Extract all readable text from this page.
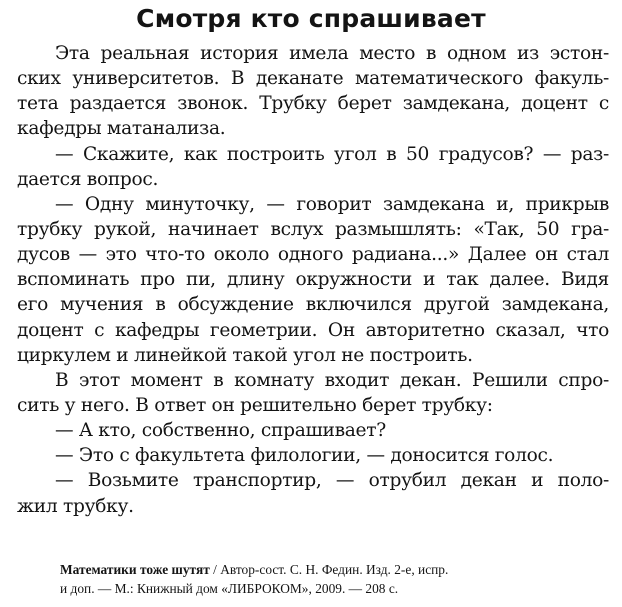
Смотря кто спрашивает
Эта реальная история имела место в одном из эстон-
ских университетов. В деканате математического факуль-
тета раздается звонок. Трубку берет замдекана, доцент с
кафедры матанализа.
— Скажите, как построить угол в 50 градусов? — раз-
дается вопрос.
— Одну минуточку, — говорит замдекана и, прикрыв
трубку рукой, начинает вслух размышлять: «Так, 50 гра-
дусов — это что-то около одного радиана...» Далее он стал
вспоминать про пи, длину окружности и так далее. Видя
его мучения в обсуждение включился другой замдекана,
доцент с кафедры геометрии. Он авторитетно сказал, что
циркулем и линейкой такой угол не построить.
В этот момент в комнату входит декан. Решили спро-
сить у него. В ответ он решительно берет трубку:
— А кто, собственно, спрашивает?
— Это с факультета филологии, — доносится голос.
— Возьмите транспортир, — отрубил декан и поло-
жил трубку.
Математики тоже шутят / Автор-сост. С. Н. Федин. Изд. 2-е, испр.
и доп. — М.: Книжный дом «ЛИБРОКОМ», 2009. — 208 с.
